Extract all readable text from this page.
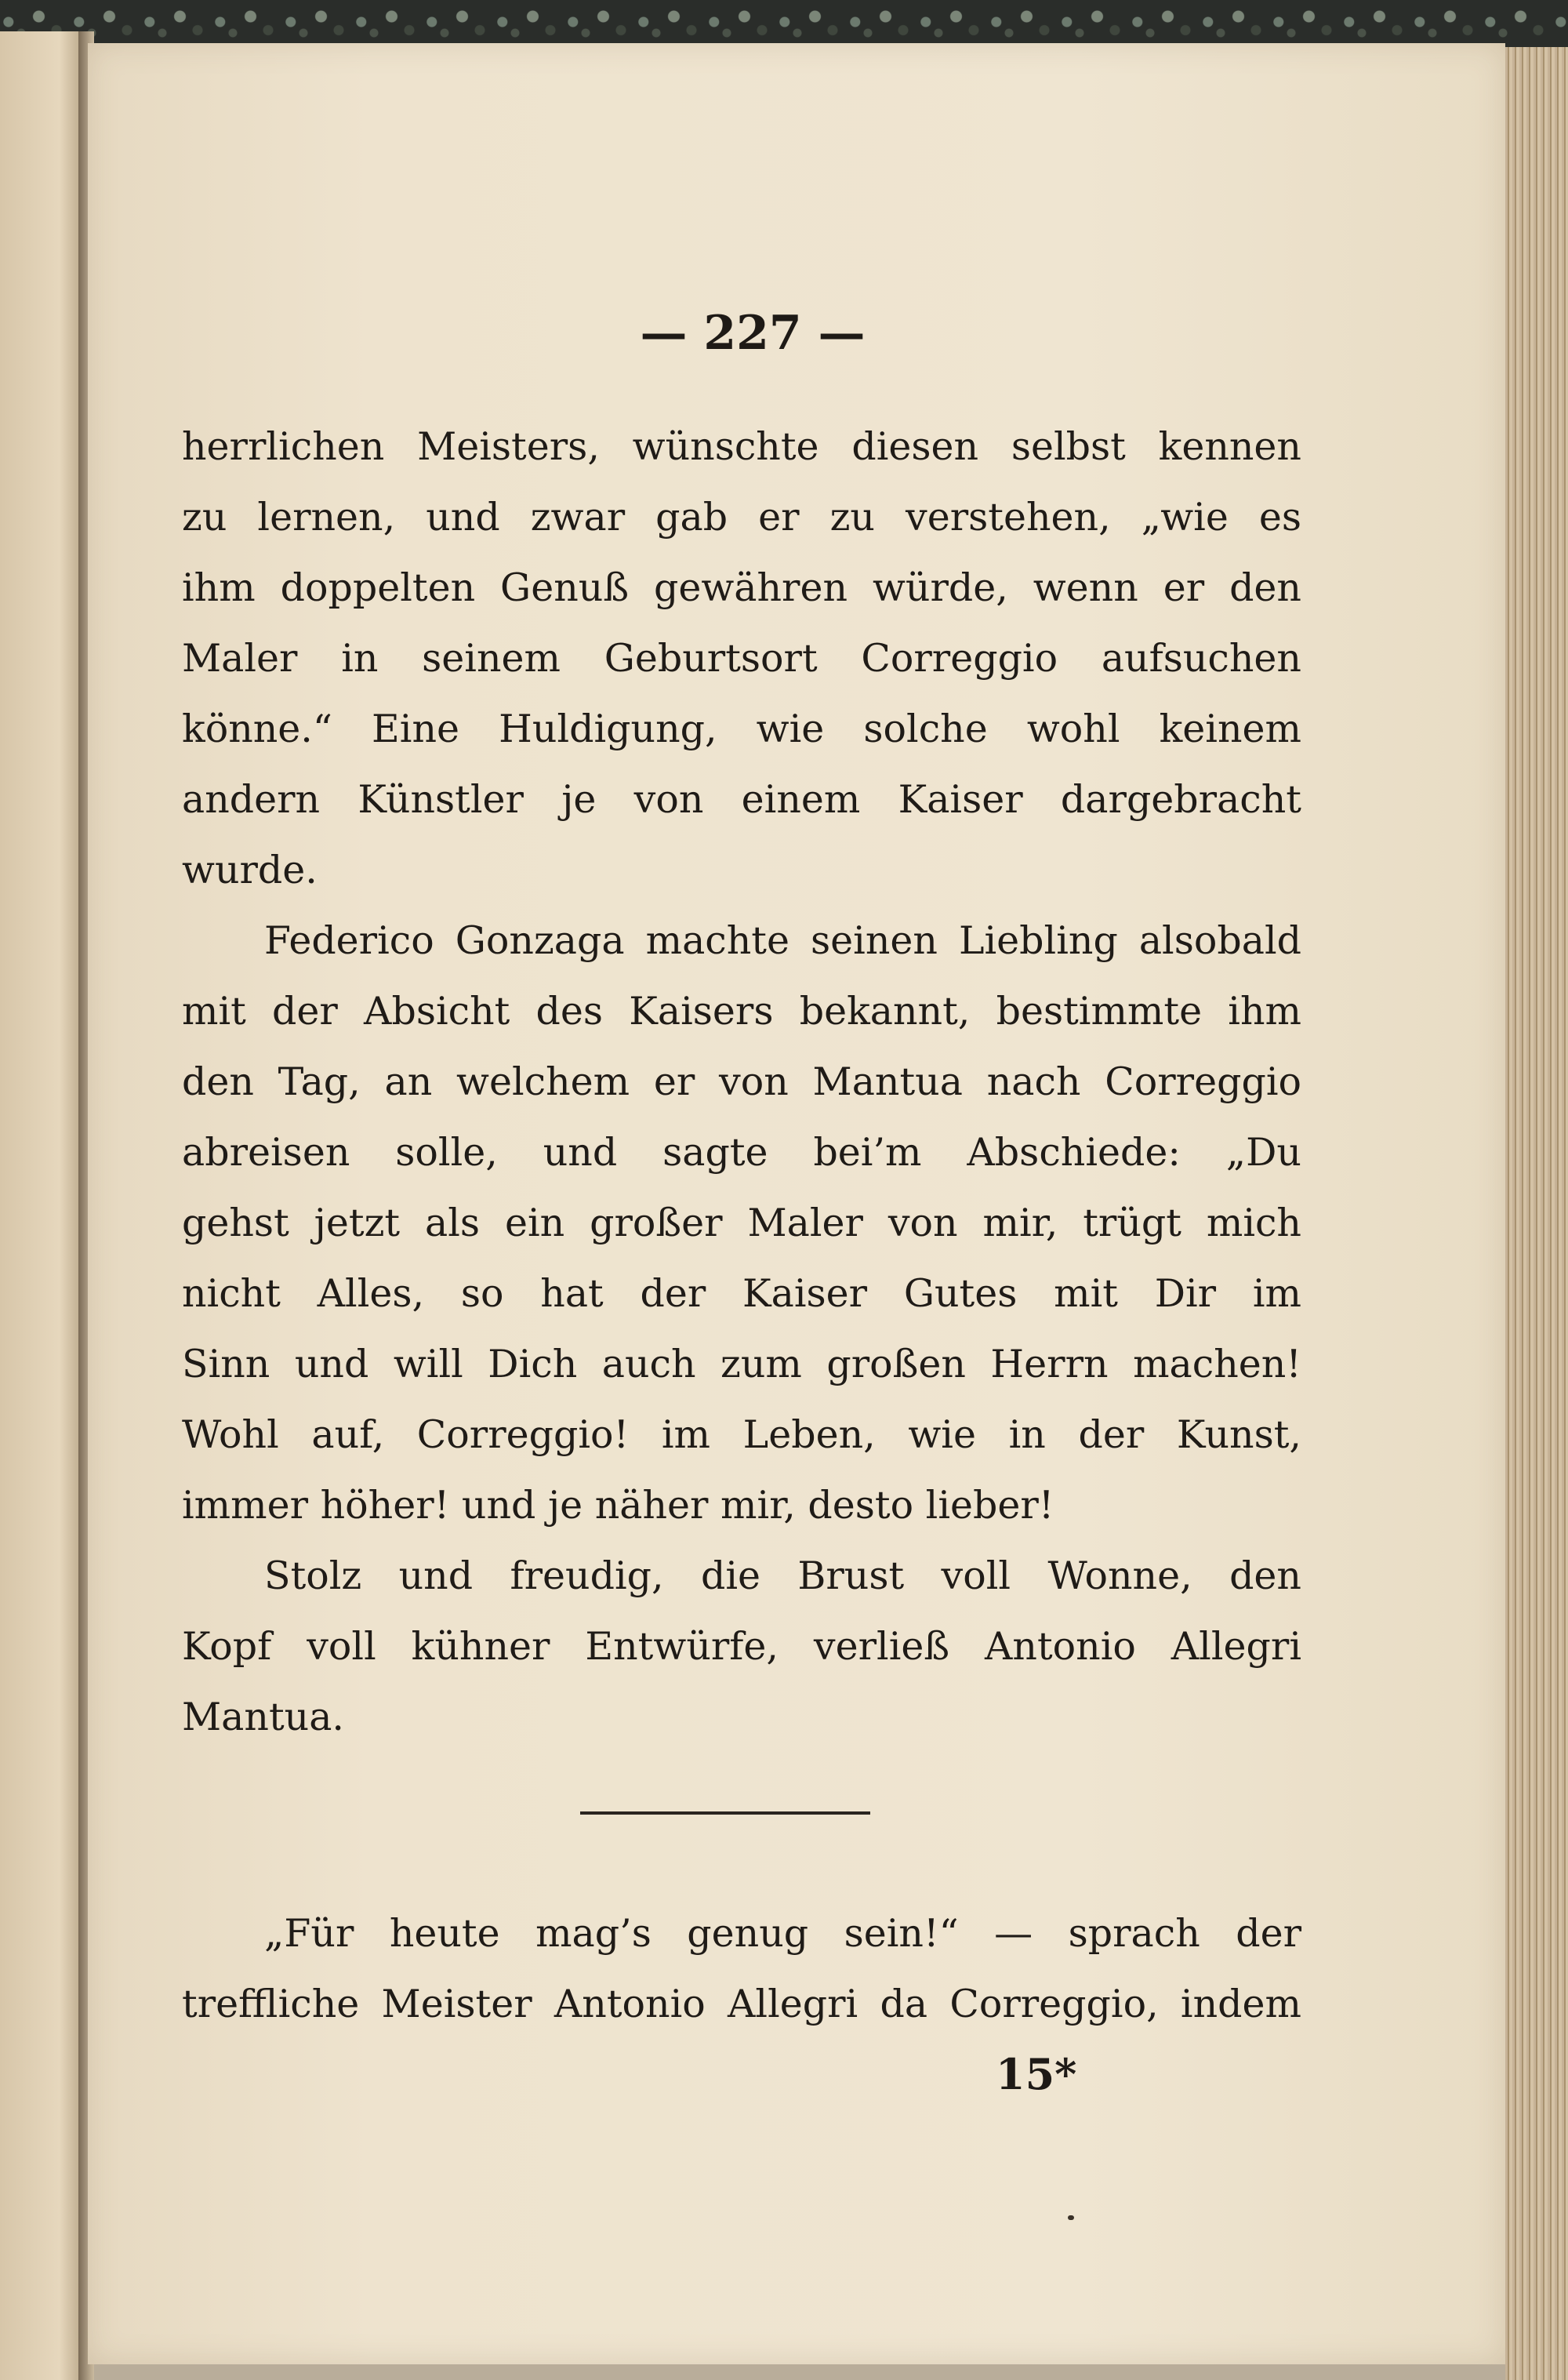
— 227 —
herrlichen Meisters, wünschte diesen selbst kennen
zu lernen, und zwar gab er zu verstehen, „wie es
ihm doppelten Genuß gewähren würde, wenn er den
Maler in seinem Geburtsort Correggio aufsuchen
könne.“ Eine Huldigung, wie solche wohl keinem
andern Künstler je von einem Kaiser dargebracht
wurde.
Federico Gonzaga machte seinen Liebling alsobald
mit der Absicht des Kaisers bekannt, bestimmte ihm
den Tag, an welchem er von Mantua nach Correggio
abreisen solle, und sagte bei’m Abschiede: „Du
gehst jetzt als ein großer Maler von mir, trügt mich
nicht Alles, so hat der Kaiser Gutes mit Dir im
Sinn und will Dich auch zum großen Herrn machen!
Wohl auf, Correggio! im Leben, wie in der Kunst,
immer höher! und je näher mir, desto lieber!
Stolz und freudig, die Brust voll Wonne, den
Kopf voll kühner Entwürfe, verließ Antonio Allegri
Mantua.
„Für heute mag’s genug sein!“ — sprach der
treffliche Meister Antonio Allegri da Correggio, indem
15*
